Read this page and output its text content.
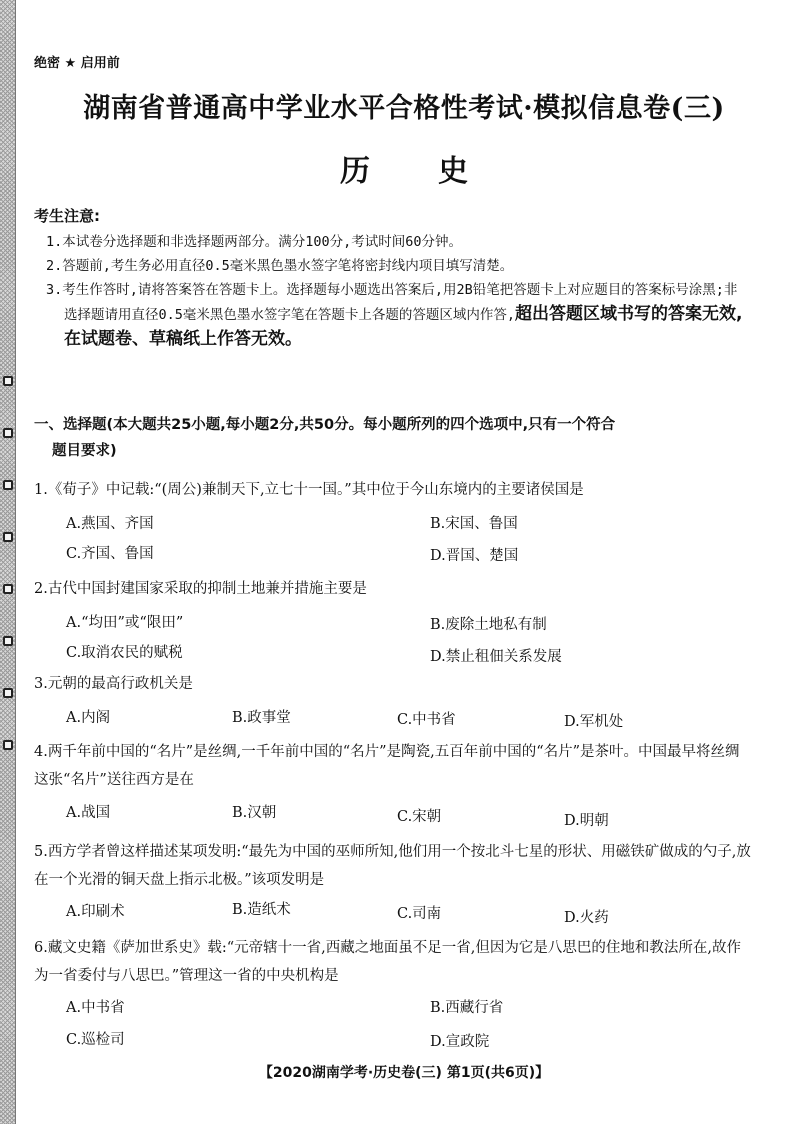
绝密 ★ 启用前
湖南省普通高中学业水平合格性考试·模拟信息卷(三)
历史
考生注意:

1.本试卷分选择题和非选择题两部分。满分100分,考试时间60分钟。

2.答题前,考生务必用直径0.5毫米黑色墨水签字笔将密封线内项目填写清楚。

3.考生作答时,请将答案答在答题卡上。选择题每小题选出答案后,用2B铅笔把答题卡上对应题目的答案标号涂黑;非选择题请用直径0.5毫米黑色墨水签字笔在答题卡上各题的答题区域内作答,超出答题区域书写的答案无效,在试题卷、草稿纸上作答无效。

一、选择题(本大题共25小题,每小题2分,共50分。每小题所列的四个选项中,只有一个符合
题目要求)
1.《荀子》中记载:“(周公)兼制天下,立七十一国。”其中位于今山东境内的主要诸侯国是
A.燕国、齐国	B.宋国、鲁国
C.齐国、鲁国	D.晋国、楚国
2.古代中国封建国家采取的抑制土地兼并措施主要是
A.“均田”或“限田”	B.废除土地私有制
C.取消农民的赋税	D.禁止租佃关系发展
3.元朝的最高行政机关是
A.内阁	B.政事堂	C.中书省	D.军机处
4.两千年前中国的“名片”是丝绸,一千年前中国的“名片”是陶瓷,五百年前中国的“名片”是茶叶。中国最早将丝绸这张“名片”送往西方是在
A.战国	B.汉朝	C.宋朝	D.明朝
5.西方学者曾这样描述某项发明:“最先为中国的巫师所知,他们用一个按北斗七星的形状、用磁铁矿做成的勺子,放在一个光滑的铜天盘上指示北极。”该项发明是
A.印刷术	B.造纸术	C.司南	D.火药
6.藏文史籍《萨加世系史》载:“元帝辖十一省,西藏之地面虽不足一省,但因为它是八思巴的住地和教法所在,故作为一省委付与八思巴。”管理这一省的中央机构是
A.中书省	B.西藏行省
C.巡检司	D.宣政院
【2020湖南学考·历史卷(三) 第1页(共6页)】
